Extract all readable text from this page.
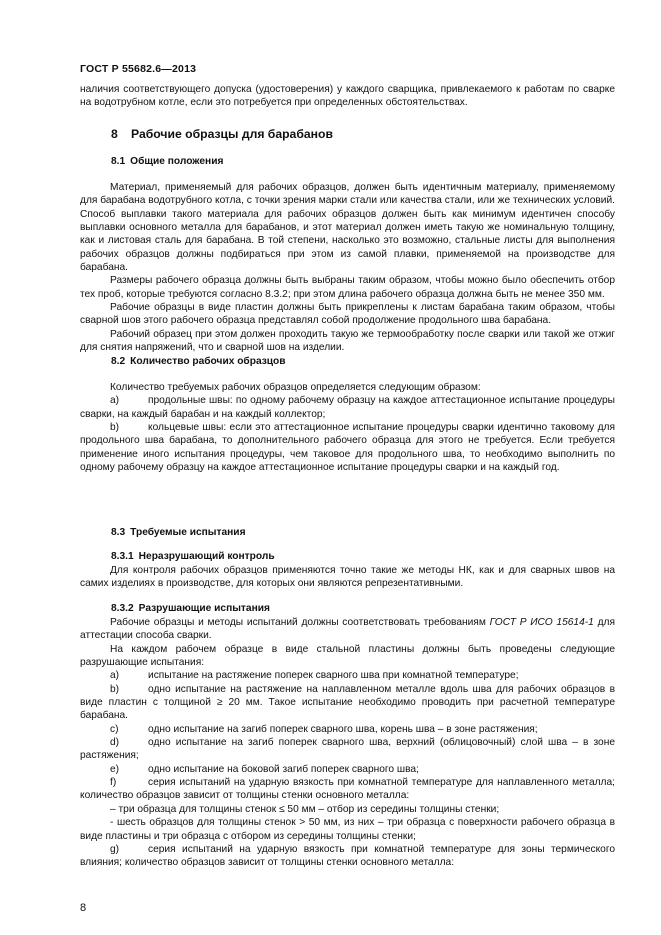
ГОСТ Р 55682.6—2013

наличия соответствующего допуска (удостоверения) у каждого сварщика, привлекаемого к работам по сварке на водотрубном котле, если это потребуется при определенных обстоятельствах.

8 Рабочие образцы для барабанов
8.1 Общие положения

Материал, применяемый для рабочих образцов, должен быть идентичным материалу, применяемому для барабана водотрубного котла, с точки зрения марки стали или качества стали, или же технических условий. Способ выплавки такого материала для рабочих образцов должен быть как минимум идентичен способу выплавки основного металла для барабанов, и этот материал должен иметь такую же номинальную толщину, как и листовая сталь для барабана. В той степени, насколько это возможно, стальные листы для выполнения рабочих образцов должны подбираться при этом из самой плавки, применяемой на производстве для барабана.

Размеры рабочего образца должны быть выбраны таким образом, чтобы можно было обеспечить отбор тех проб, которые требуются согласно 8.3.2; при этом длина рабочего образца должна быть не менее 350 мм.

Рабочие образцы в виде пластин должны быть прикреплены к листам барабана таким образом, чтобы сварной шов этого рабочего образца представлял собой продолжение продольного шва барабана.

Рабочий образец при этом должен проходить такую же термообработку после сварки или такой же отжиг для снятия напряжений, что и сварной шов на изделии.

8.2 Количество рабочих образцов

Количество требуемых рабочих образцов определяется следующим образом:

a)	продольные швы: по одному рабочему образцу на каждое аттестационное испытание процедуры сварки, на каждый барабан и на каждый коллектор;

b)	кольцевые швы: если это аттестационное испытание процедуры сварки идентично таковому для продольного шва барабана, то дополнительного рабочего образца для этого не требуется. Если требуется применение иного испытания процедуры, чем таковое для продольного шва, то необходимо выполнить по одному рабочему образцу на каждое аттестационное испытание процедуры сварки и на каждый год.

8.3 Требуемые испытания
8.3.1 Неразрушающий контроль

Для контроля рабочих образцов применяются точно такие же методы НК, как и для сварных швов на самих изделиях в производстве, для которых они являются репрезентативными.

8.3.2 Разрушающие испытания

Рабочие образцы и методы испытаний должны соответствовать требованиям ГОСТ Р ИСО 15614-1 для аттестации способа сварки.

На каждом рабочем образце в виде стальной пластины должны быть проведены следующие разрушающие испытания:

a)	испытание на растяжение поперек сварного шва при комнатной температуре;

b)	одно испытание на растяжение на наплавленном металле вдоль шва для рабочих образцов в виде пластин с толщиной ≥ 20 мм. Такое испытание необходимо проводить при расчетной температуре барабана.

c)	одно испытание на загиб поперек сварного шва, корень шва – в зоне растяжения;

d)	одно испытание на загиб поперек сварного шва, верхний (облицовочный) слой шва – в зоне растяжения;

e)	одно испытание на боковой загиб поперек сварного шва;

f)	серия испытаний на ударную вязкость при комнатной температуре для наплавленного металла; количество образцов зависит от толщины стенки основного металла:

– три образца для толщины стенок ≤ 50 мм – отбор из середины толщины стенки;

- шесть образцов для толщины стенок > 50 мм, из них – три образца с поверхности рабочего образца в виде пластины и три образца с отбором из середины толщины стенки;

g)	серия испытаний на ударную вязкость при комнатной температуре для зоны термического влияния; количество образцов зависит от толщины стенки основного металла:

8
